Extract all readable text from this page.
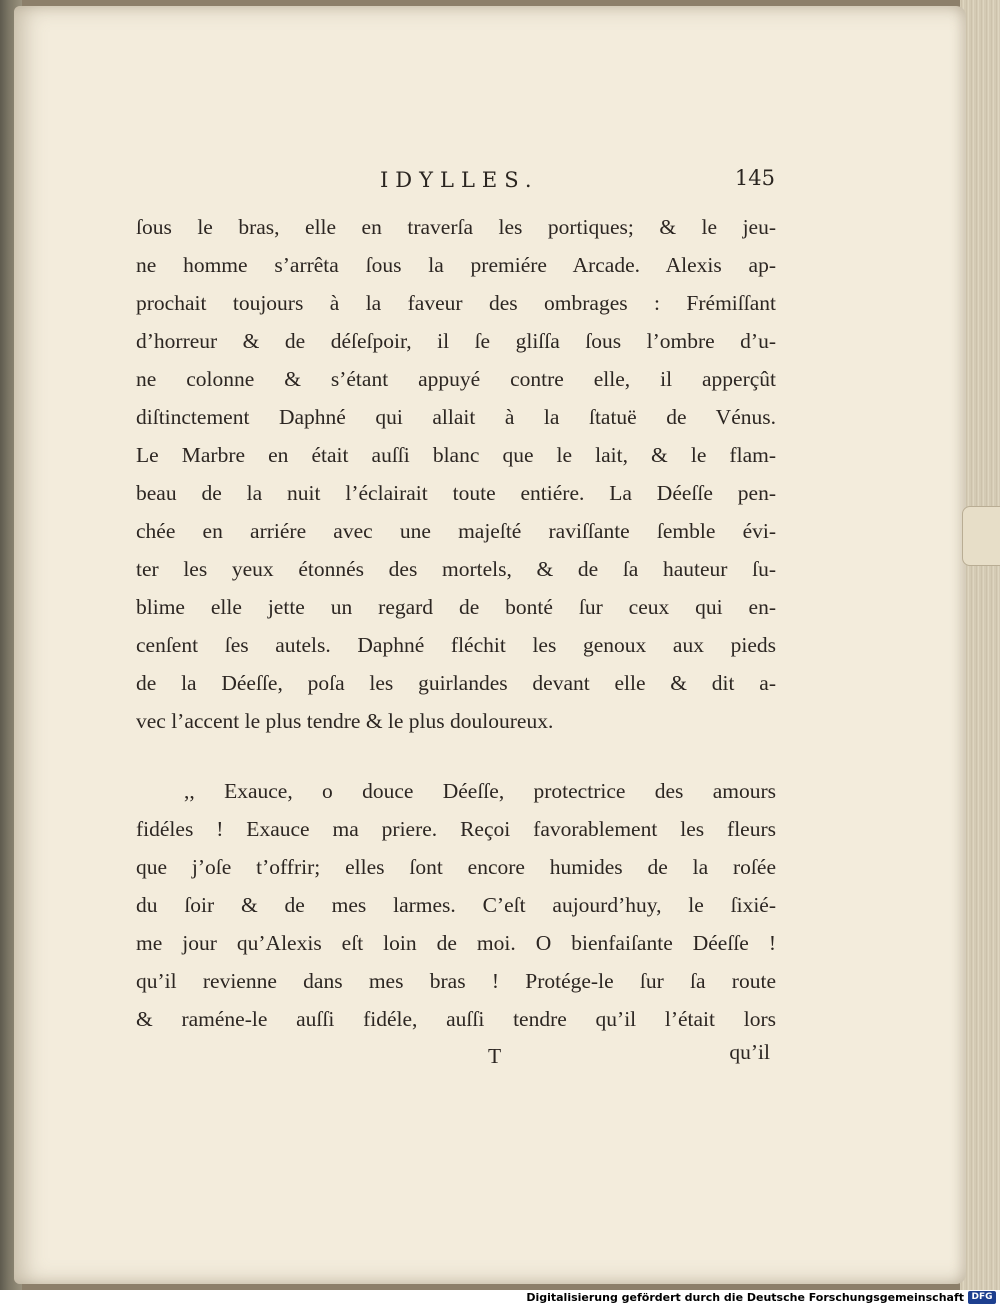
IDYLLES.	145
ſous le bras, elle en traverſa les portiques; & le jeu-
ne homme s’arrêta ſous la premiére Arcade. Alexis ap-
prochait toujours à la faveur des ombrages : Frémiſſant
d’horreur & de déſeſpoir, il ſe gliſſa ſous l’ombre d’u-
ne colonne & s’étant appuyé contre elle, il apperçût
diſtinctement Daphné qui allait à la ſtatuë de Vénus.
Le Marbre en était auſſi blanc que le lait, & le flam-
beau de la nuit l’éclairait toute entiére. La Déeſſe pen-
chée en arriére avec une majeſté raviſſante ſemble évi-
ter les yeux étonnés des mortels, & de ſa hauteur ſu-
blime elle jette un regard de bonté ſur ceux qui en-
cenſent ſes autels. Daphné fléchit les genoux aux pieds
de la Déeſſe, poſa les guirlandes devant elle & dit a-
vec l’accent le plus tendre & le plus douloureux.
,, Exauce, o douce Déeſſe, protectrice des amours
fidéles ! Exauce ma priere. Reçoi favorablement les fleurs
que j’oſe t’offrir; elles ſont encore humides de la roſée
du ſoir & de mes larmes. C’eſt aujourd’huy, le ſixié-
me jour qu’Alexis eſt loin de moi. O bienfaiſante Déeſſe !
qu’il revienne dans mes bras ! Protége-le ſur ſa route
& raméne-le auſſi fidéle, auſſi tendre qu’il l’était lors
T	qu’il
Digitalisierung gefördert durch die Deutsche Forschungsgemeinschaft DFG
